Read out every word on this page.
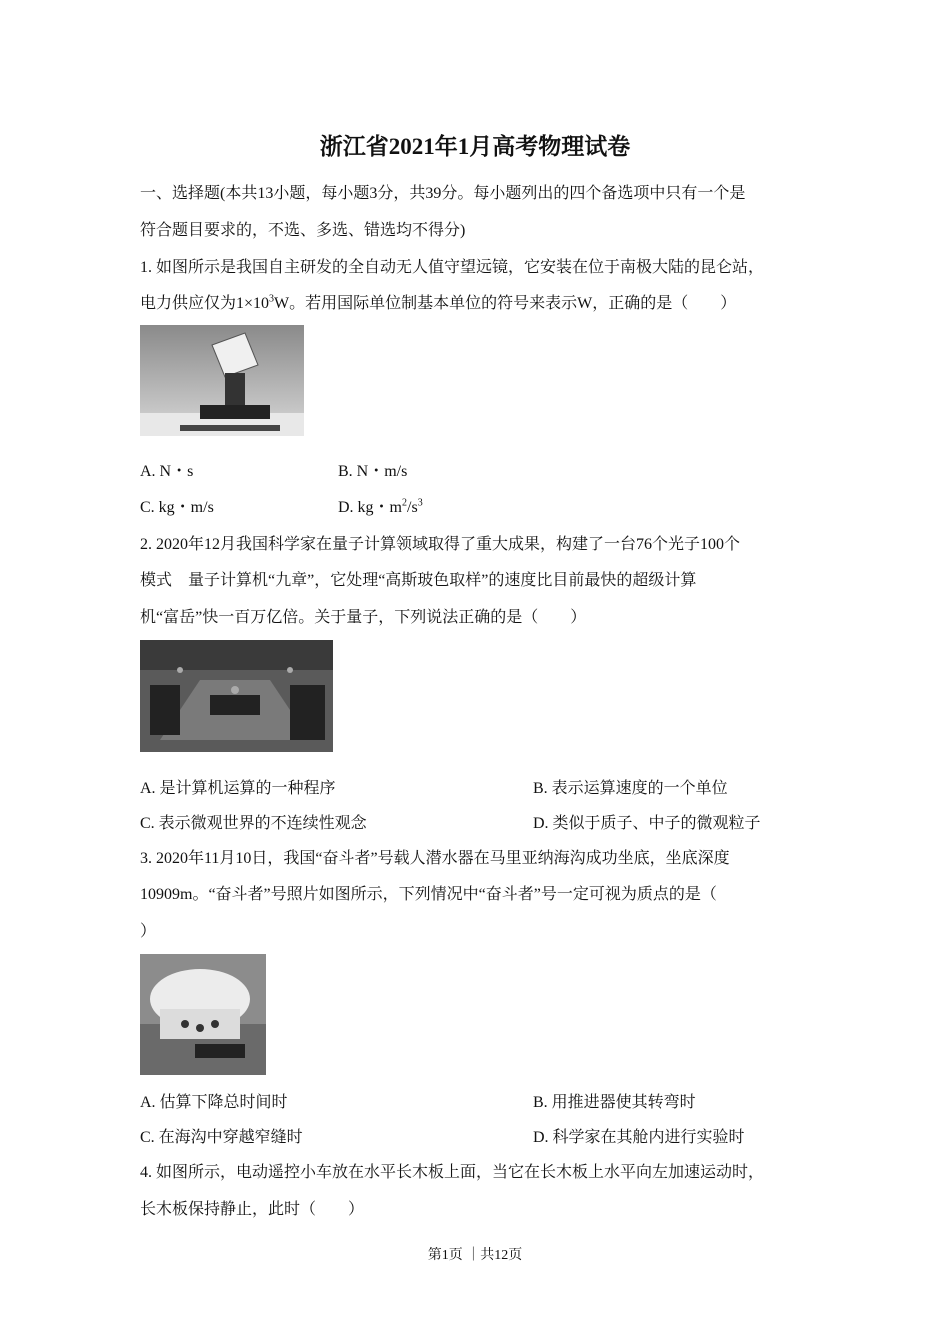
浙江省2021年1月高考物理试卷
一、选择题(本共13小题，每小题3分，共39分。每小题列出的四个备选项中只有一个是
符合题目要求的，不选、多选、错选均不得分)
1. 如图所示是我国自主研发的全自动无人值守望远镜，它安装在位于南极大陆的昆仑站，
电力供应仅为$1\times 10^3W$。若用国际单位制基本单位的符号来表示W，正确的是（　　）
A. N・s	B. N・m/s
C. kg・m/s	D. kg・$m^2/s^3$
2. 2020年12月我国科学家在量子计算领域取得了重大成果，构建了一台76个光子100个
模式　量子计算机“九章”，它处理“高斯玻色取样”的速度比目前最快的超级计算
机“富岳”快一百万亿倍。关于量子，下列说法正确的是（　　）
A. 是计算机运算的一种程序	B. 表示运算速度的一个单位
C. 表示微观世界的不连续性观念	D. 类似于质子、中子的微观粒子
3. 2020年11月10日，我国“奋斗者”号载人潜水器在马里亚纳海沟成功坐底，坐底深度
10909m。“奋斗者”号照片如图所示，下列情况中“奋斗者”号一定可视为质点的是（
）
A. 估算下降总时间时	B. 用推进器使其转弯时
C. 在海沟中穿越窄缝时	D. 科学家在其舱内进行实验时
4. 如图所示，电动遥控小车放在水平长木板上面，当它在长木板上水平向左加速运动时，
长木板保持静止，此时（　　）
第1页 ｜共12页
